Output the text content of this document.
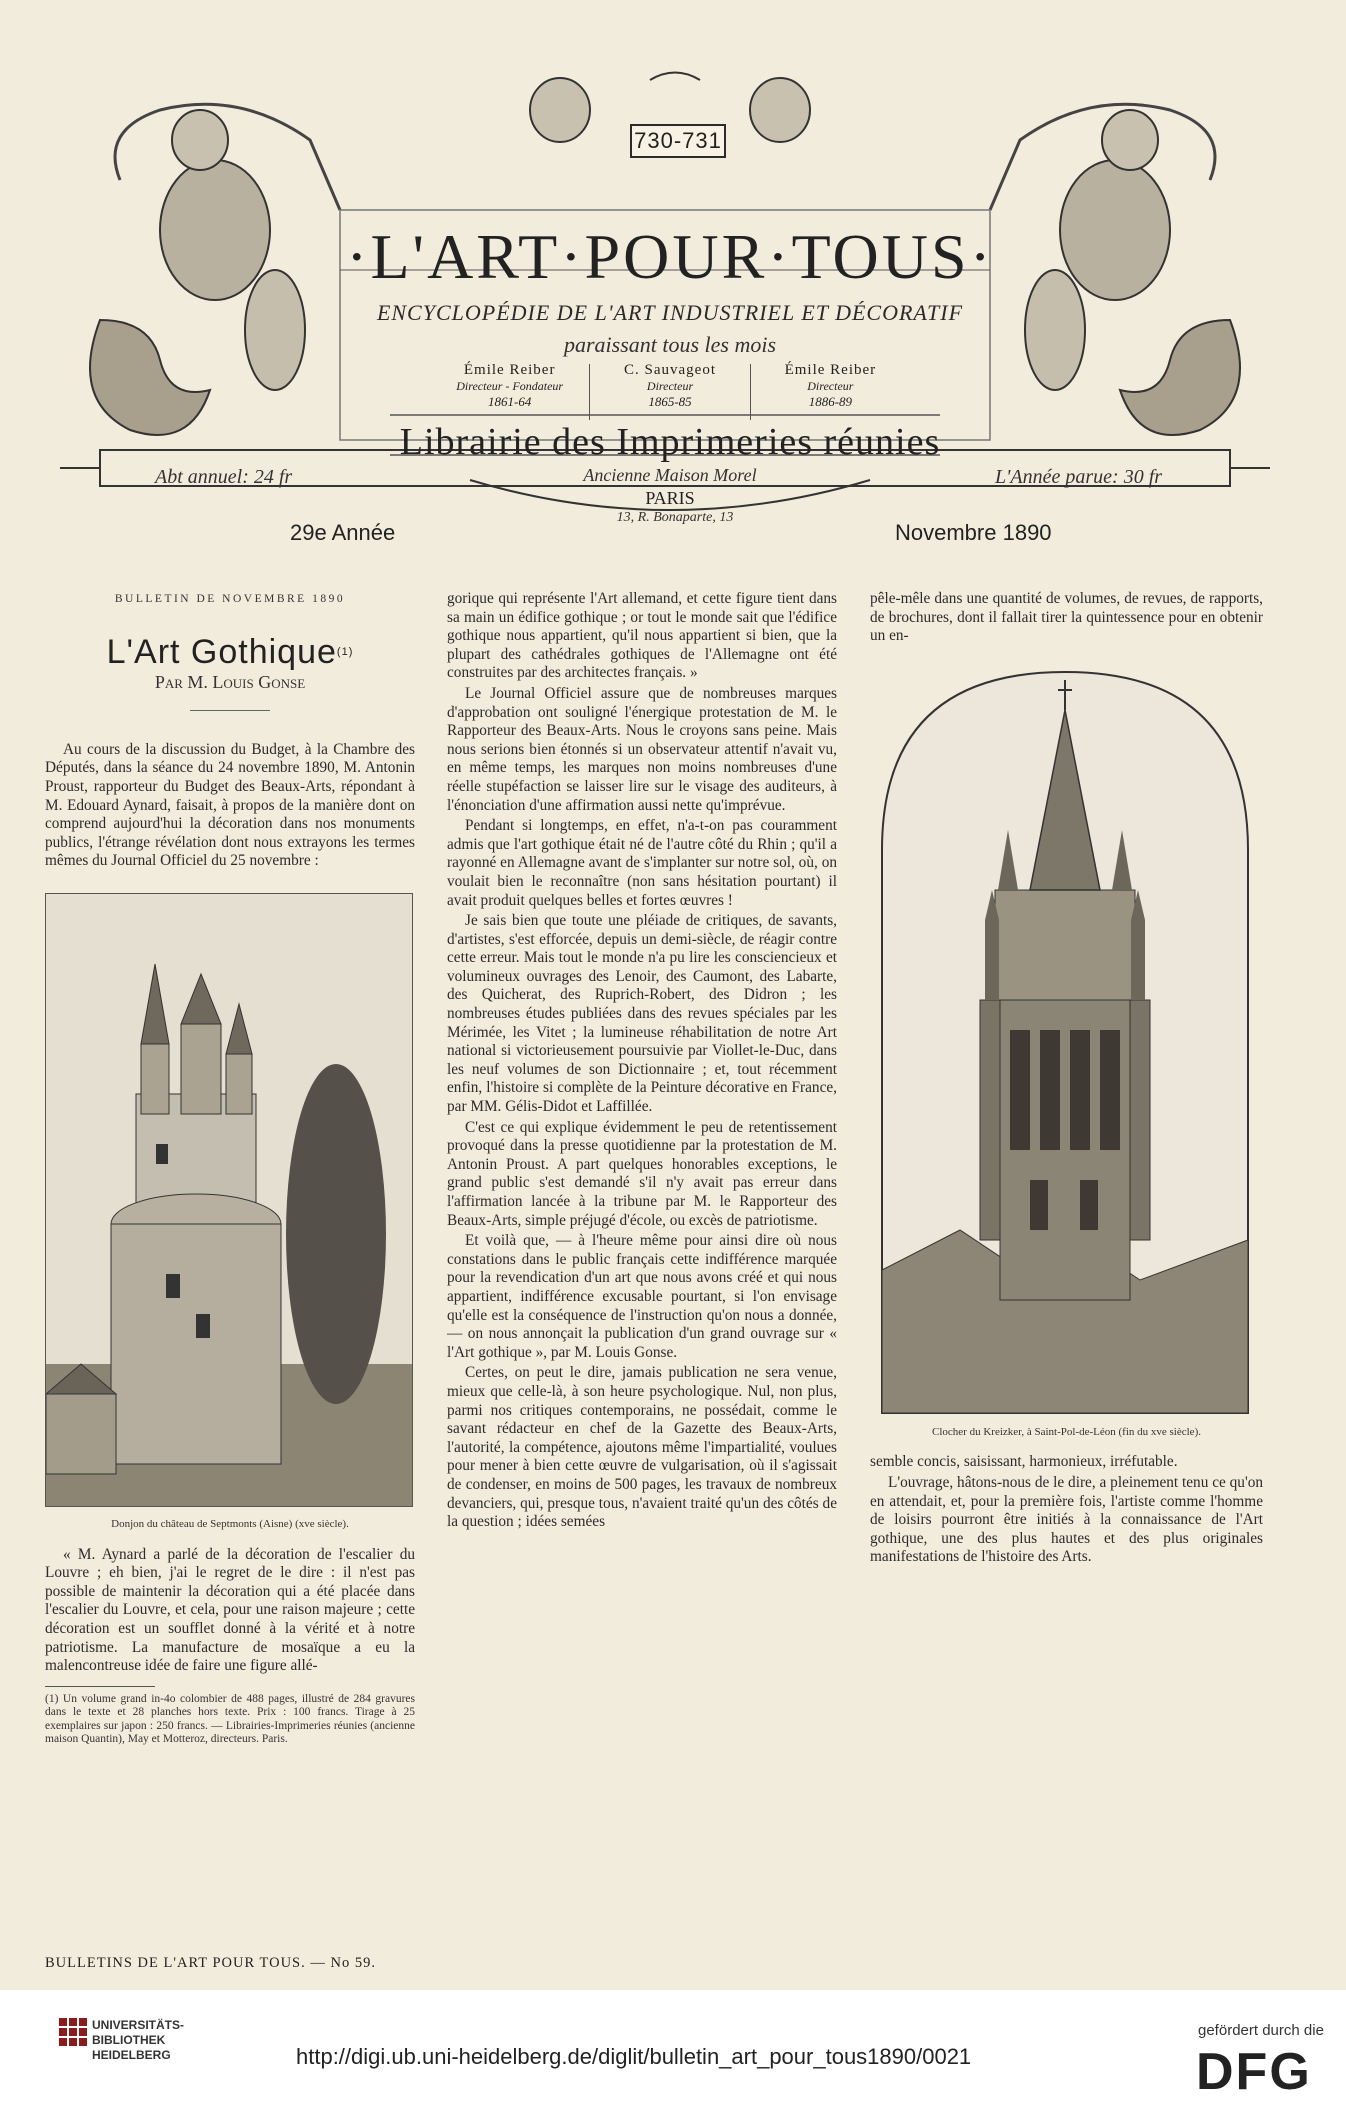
730-731
·L'ART·POUR·TOUS·
ENCYCLOPÉDIE DE L'ART INDUSTRIEL ET DÉCORATIF
paraissant tous les mois
Émile Reiber
Directeur - Fondateur
1861-64
C. Sauvageot
Directeur
1865-85
Émile Reiber
Directeur
1886-89
Librairie des Imprimeries réunies
Abt annuel: 24 fr	Ancienne Maison Morel	L'Année parue: 30 fr
PARIS
13, R. Bonaparte, 13
29e Année	Novembre 1890
BULLETIN DE NOVEMBRE 1890
L'Art Gothique$^{(1)}$
Par M. Louis Gonse

Au cours de la discussion du Budget, à la Chambre des Députés, dans la séance du 24 novembre 1890, M. Antonin Proust, rapporteur du Budget des Beaux-Arts, répondant à M. Edouard Aynard, faisait, à propos de la manière dont on comprend aujourd'hui la décoration dans nos monuments publics, l'étrange révélation dont nous extrayons les termes mêmes du Journal Officiel du 25 novembre :

Donjon du château de Septmonts (Aisne) (xve siècle).

« M. Aynard a parlé de la décoration de l'escalier du Louvre ; eh bien, j'ai le regret de le dire : il n'est pas possible de maintenir la décoration qui a été placée dans l'escalier du Louvre, et cela, pour une raison majeure ; cette décoration est un soufflet donné à la vérité et à notre patriotisme. La manufacture de mosaïque a eu la malencontreuse idée de faire une figure allé-

(1) Un volume grand in-4o colombier de 488 pages, illustré de 284 gravures dans le texte et 28 planches hors texte. Prix : 100 francs. Tirage à 25 exemplaires sur japon : 250 francs. — Librairies-Imprimeries réunies (ancienne maison Quantin), May et Motteroz, directeurs. Paris.

gorique qui représente l'Art allemand, et cette figure tient dans sa main un édifice gothique ; or tout le monde sait que l'édifice gothique nous appartient, qu'il nous appartient si bien, que la plupart des cathédrales gothiques de l'Allemagne ont été construites par des architectes français. »

Le Journal Officiel assure que de nombreuses marques d'approbation ont souligné l'énergique protestation de M. le Rapporteur des Beaux-Arts. Nous le croyons sans peine. Mais nous serions bien étonnés si un observateur attentif n'avait vu, en même temps, les marques non moins nombreuses d'une réelle stupéfaction se laisser lire sur le visage des auditeurs, à l'énonciation d'une affirmation aussi nette qu'imprévue.

Pendant si longtemps, en effet, n'a-t-on pas couramment admis que l'art gothique était né de l'autre côté du Rhin ; qu'il a rayonné en Allemagne avant de s'implanter sur notre sol, où, on voulait bien le reconnaître (non sans hésitation pourtant) il avait produit quelques belles et fortes œuvres !

Je sais bien que toute une pléiade de critiques, de savants, d'artistes, s'est efforcée, depuis un demi-siècle, de réagir contre cette erreur. Mais tout le monde n'a pu lire les consciencieux et volumineux ouvrages des Lenoir, des Caumont, des Labarte, des Quicherat, des Ruprich-Robert, des Didron ; les nombreuses études publiées dans des revues spéciales par les Mérimée, les Vitet ; la lumineuse réhabilitation de notre Art national si victorieusement poursuivie par Viollet-le-Duc, dans les neuf volumes de son Dictionnaire ; et, tout récemment enfin, l'histoire si complète de la Peinture décorative en France, par MM. Gélis-Didot et Laffillée.

C'est ce qui explique évidemment le peu de retentissement provoqué dans la presse quotidienne par la protestation de M. Antonin Proust. A part quelques honorables exceptions, le grand public s'est demandé s'il n'y avait pas erreur dans l'affirmation lancée à la tribune par M. le Rapporteur des Beaux-Arts, simple préjugé d'école, ou excès de patriotisme.

Et voilà que, — à l'heure même pour ainsi dire où nous constations dans le public français cette indifférence marquée pour la revendication d'un art que nous avons créé et qui nous appartient, indifférence excusable pourtant, si l'on envisage qu'elle est la conséquence de l'instruction qu'on nous a donnée, — on nous annonçait la publication d'un grand ouvrage sur « l'Art gothique », par M. Louis Gonse.

Certes, on peut le dire, jamais publication ne sera venue, mieux que celle-là, à son heure psychologique. Nul, non plus, parmi nos critiques contemporains, ne possédait, comme le savant rédacteur en chef de la Gazette des Beaux-Arts, l'autorité, la compétence, ajoutons même l'impartialité, voulues pour mener à bien cette œuvre de vulgarisation, où il s'agissait de condenser, en moins de 500 pages, les travaux de nombreux devanciers, qui, presque tous, n'avaient traité qu'un des côtés de la question ; idées semées

pêle-mêle dans une quantité de volumes, de revues, de rapports, de brochures, dont il fallait tirer la quintessence pour en obtenir un en-

Clocher du Kreizker, à Saint-Pol-de-Léon (fin du xve siècle).

semble concis, saisissant, harmonieux, irréfutable.

L'ouvrage, hâtons-nous de le dire, a pleinement tenu ce qu'on en attendait, et, pour la première fois, l'artiste comme l'homme de loisirs pourront être initiés à la connaissance de l'Art gothique, une des plus hautes et des plus originales manifestations de l'histoire des Arts.

BULLETINS DE L'ART POUR TOUS. — No 59.
UNIVERSITÄTS-
BIBLIOTHEK
HEIDELBERG	http://digi.ub.uni-heidelberg.de/diglit/bulletin_art_pour_tous1890/0021
gefördert durch die
DFG
